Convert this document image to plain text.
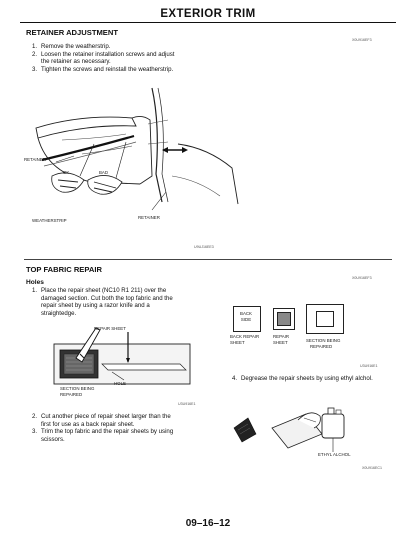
EXTERIOR TRIM
RETAINER ADJUSTMENT
X0U916EF3
1. Remove the weatherstrip.
2. Loosen the retainer installation screws and adjust
the retainer as necessary.
3. Tighten the screws and reinstall the weatherstrip.
RETAINER
OK	BAD
WEATHERSTRIP
RETAINER
U9UJ16EE3
TOP FABRIC REPAIR
X0U916EF3
Holes
1. Place the repair sheet (NC10 R1 211) over the
damaged section. Cut both the top fabric and the
repair sheet by using a razor knife and a
straightedge.
REPAIR SHEET
SECTION BEING
REPAIRED
HOLE
U3U916E1
2. Cut another piece of repair sheet larger than the
first for use as a back repair sheet.
3. Trim the top fabric and the repair sheets by using
scissors.
BACK
SIDE
BACK REPAIR
SHEET
REPAIR
SHEET	SECTION BEING
REPAIRED
U3U916E1
4. Degrease the repair sheets by using ethyl alchol.
ETHYL ALCHOL
X0U916EC1
09–16–12
